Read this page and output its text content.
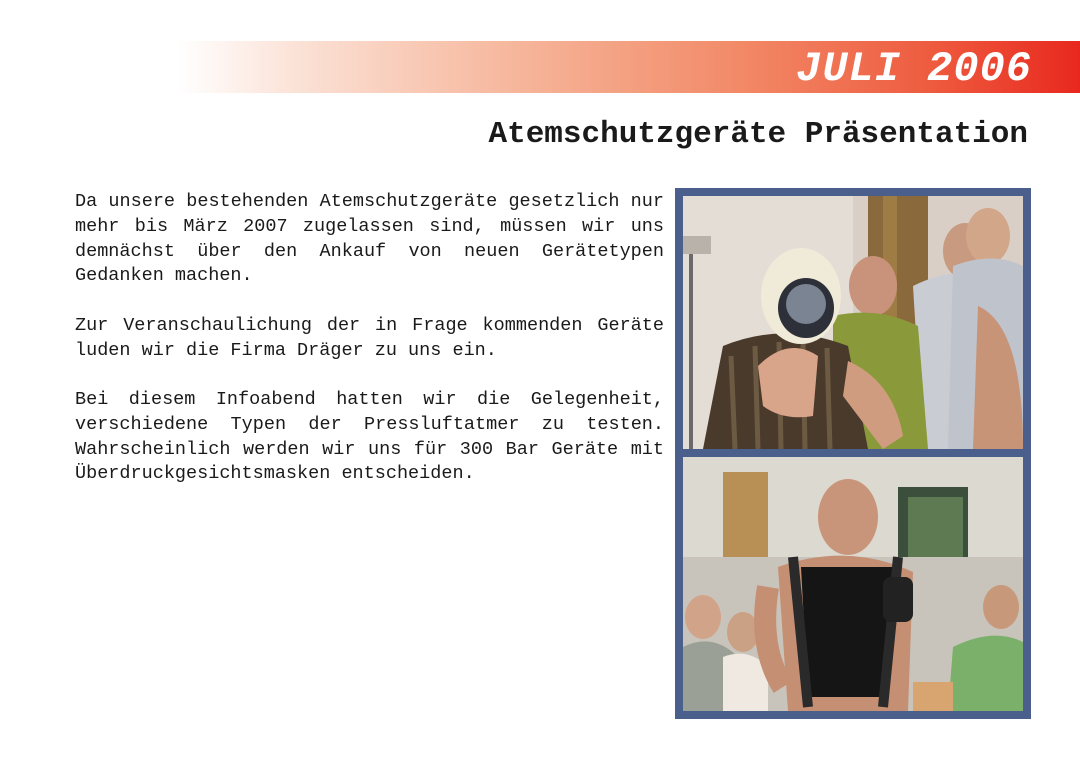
JULI 2006
Atemschutzgeräte Präsentation

Da unsere bestehenden Atemschutzgeräte gesetzlich nur mehr bis März 2007 zugelassen sind, müssen wir uns demnächst über den Ankauf von neuen Gerätetypen Gedanken machen.

Zur Veranschaulichung der in Frage kommenden Geräte luden wir die Firma Dräger zu uns ein.

Bei diesem Infoabend hatten wir die Gelegenheit, verschiedene Typen der Pressluftatmer zu testen. Wahrscheinlich werden wir uns für 300 Bar Geräte mit Überdruckgesichtsmasken entscheiden.
